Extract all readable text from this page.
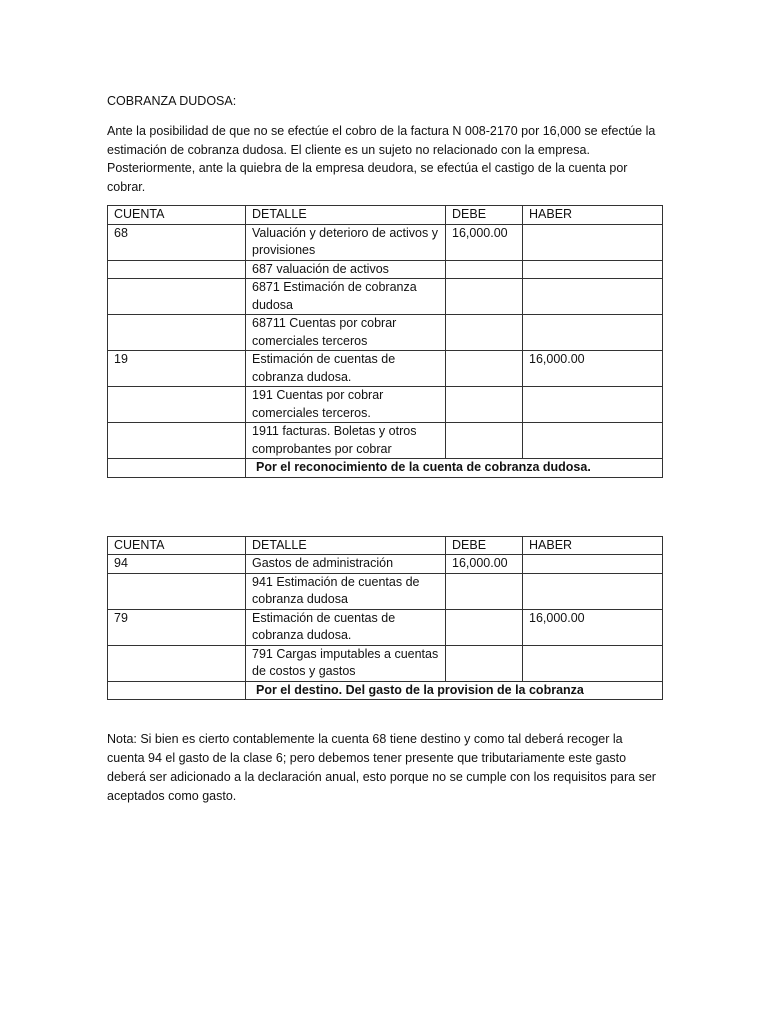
COBRANZA DUDOSA:

Ante la posibilidad de que no se efectúe el cobro de la factura N 008-2170 por 16,000 se efectúe la estimación de cobranza dudosa. El cliente es un sujeto no relacionado con la empresa. Posteriormente, ante la quiebra de la empresa deudora, se efectúa el castigo de la cuenta por cobrar.

CUENTA	DETALLE	DEBE	HABER
68	Valuación y deterioro de activos y provisiones	16,000.00	
	687 valuación de activos		
	6871 Estimación de cobranza dudosa		
	68711 Cuentas por cobrar comerciales terceros		
19	Estimación de cuentas de cobranza dudosa.		16,000.00
	191 Cuentas por cobrar comerciales terceros.		
	1911 facturas. Boletas y otros comprobantes por cobrar		
	Por el reconocimiento de la cuenta de cobranza dudosa.		
CUENTA	DETALLE	DEBE	HABER
94	Gastos de administración	16,000.00	
	941 Estimación de cuentas de cobranza dudosa		
79	Estimación de cuentas de cobranza dudosa.		16,000.00
	791 Cargas imputables a cuentas de costos y gastos		
	Por el destino. Del gasto de la provision de la cobranza		

Nota: Si bien es cierto contablemente la cuenta 68 tiene destino y como tal deberá recoger la cuenta 94 el gasto de la clase 6; pero debemos tener presente que tributariamente este gasto deberá ser adicionado a la declaración anual, esto porque no se cumple con los requisitos para ser aceptados como gasto.
